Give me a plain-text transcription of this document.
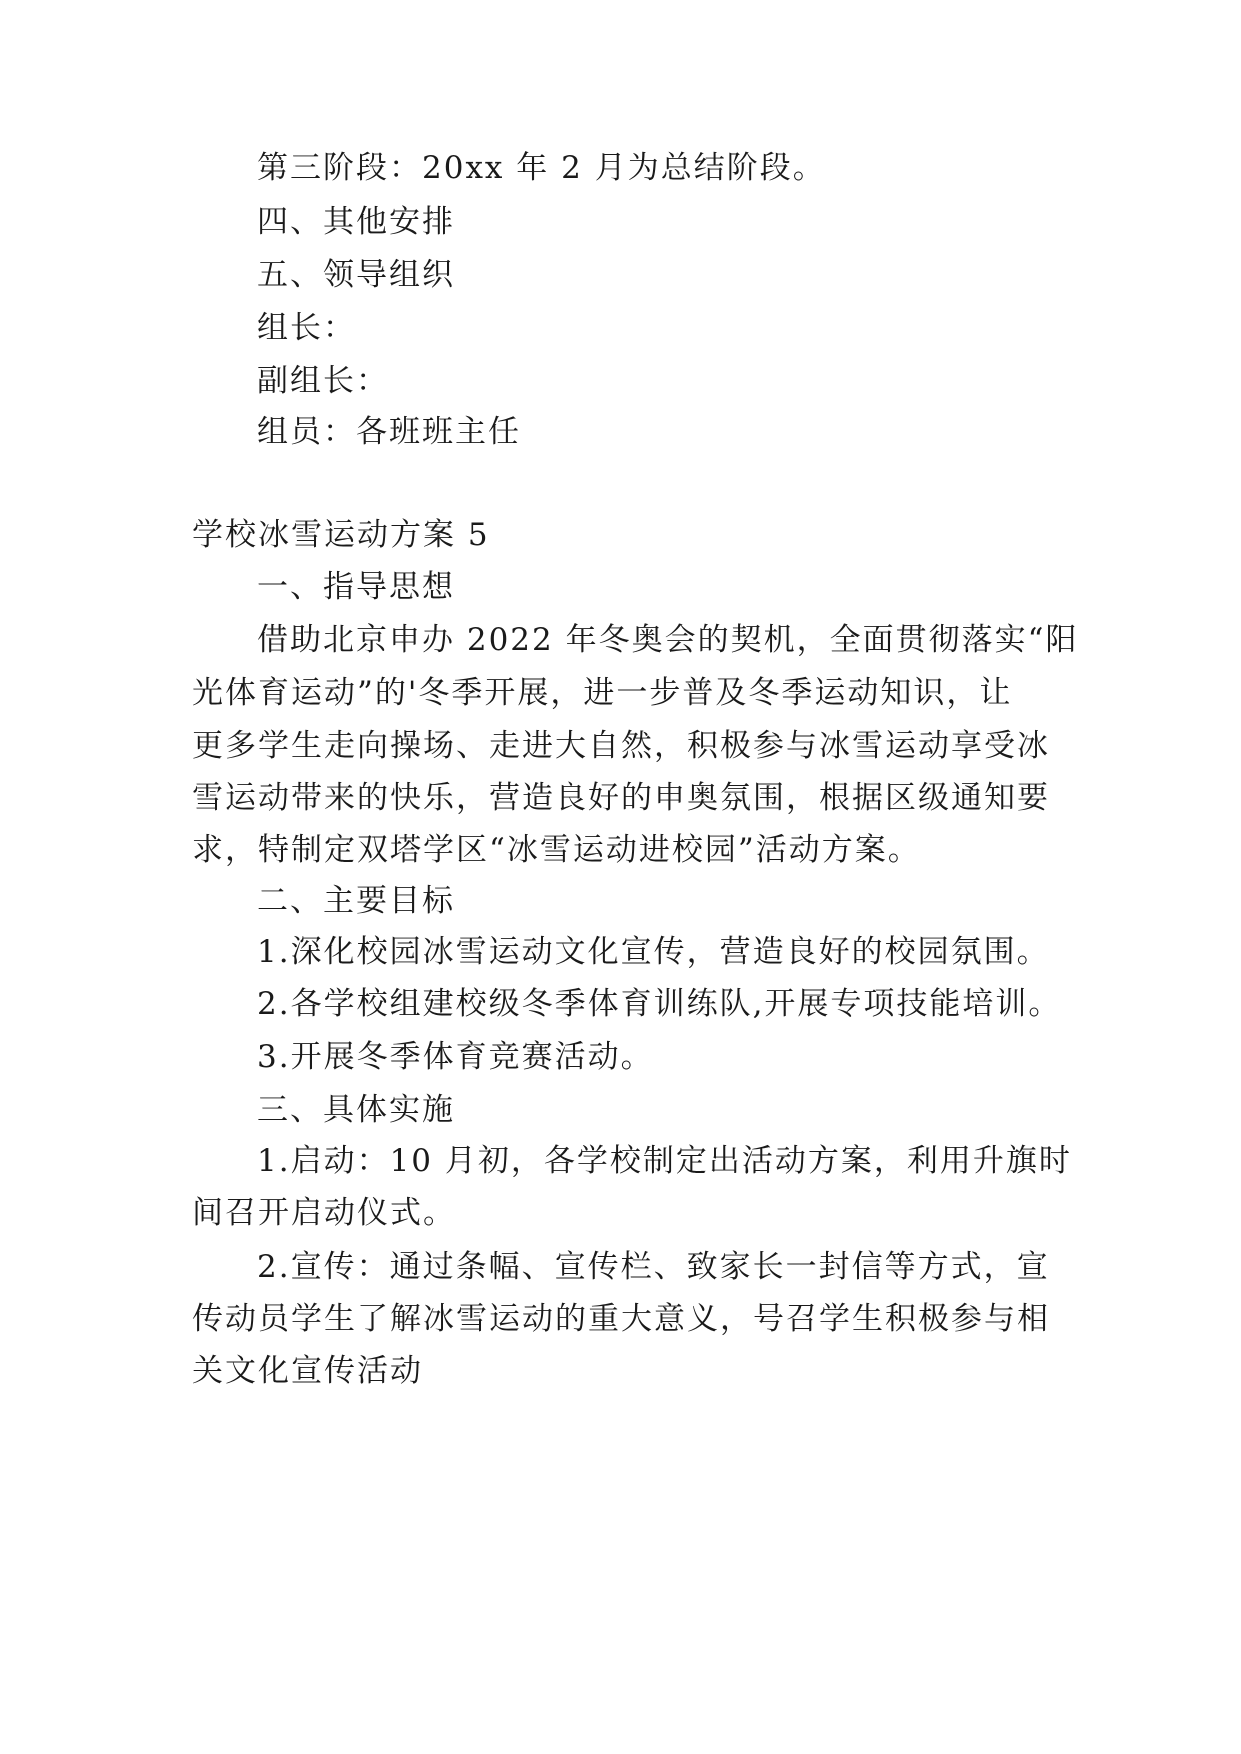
第三阶段：20xx 年 2 月为总结阶段。
四、其他安排
五、领导组织
组长：
副组长：
组员：各班班主任
学校冰雪运动方案 5
一、指导思想
借助北京申办 2022 年冬奥会的契机，全面贯彻落实“阳
光体育运动”的'冬季开展，进一步普及冬季运动知识，让
更多学生走向操场、走进大自然，积极参与冰雪运动享受冰
雪运动带来的快乐，营造良好的申奥氛围，根据区级通知要
求，特制定双塔学区“冰雪运动进校园”活动方案。
二、主要目标
1.深化校园冰雪运动文化宣传，营造良好的校园氛围。
2.各学校组建校级冬季体育训练队,开展专项技能培训。
3.开展冬季体育竞赛活动。
三、具体实施
1.启动：10 月初，各学校制定出活动方案，利用升旗时
间召开启动仪式。
2.宣传：通过条幅、宣传栏、致家长一封信等方式，宣
传动员学生了解冰雪运动的重大意义，号召学生积极参与相
关文化宣传活动
